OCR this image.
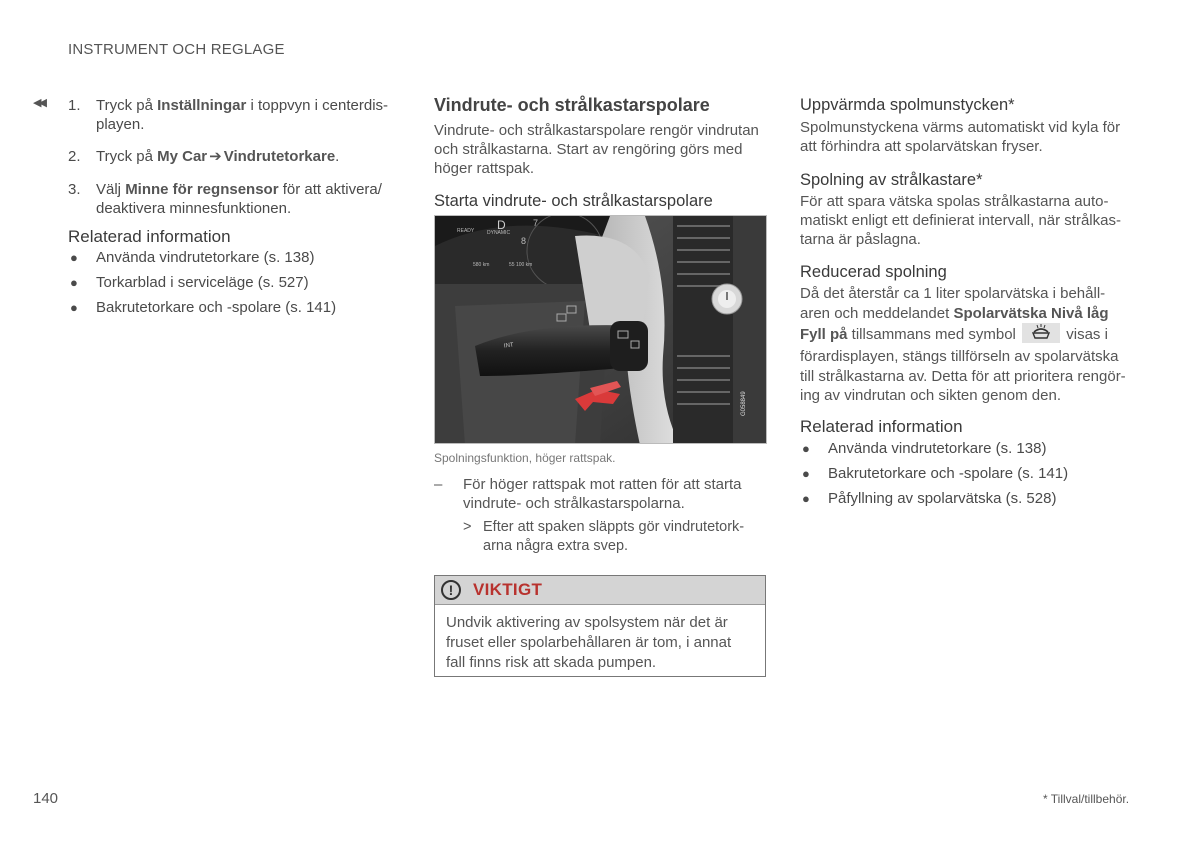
INSTRUMENT OCH REGLAGE
◀◀ 1. Tryck på Inställningar i toppvyn i centerdis-
playen.
2. Tryck på My Car ➔ Vindrutetorkare.
3. Välj Minne för regnsensor för att aktivera/
deaktivera minnesfunktionen.
Relaterad information
● Använda vindrutetorkare (s. 138)
● Torkarblad i serviceläge (s. 527)
● Bakrutetorkare och -spolare (s. 141)
Vindrute- och strålkastarspolare
Vindrute- och strålkastarspolare rengör vindrutan
och strålkastarna. Start av rengöring görs med
höger rattspak.
Starta vindrute- och strålkastarspolare
D	7
READY	DYNAMIC
8
580 km	55 100 km
INT
G058849
Spolningsfunktion, höger rattspak.
–	För höger rattspak mot ratten för att starta
vindrute- och strålkastarspolarna.
> Efter att spaken släppts gör vindrutetork-
arna några extra svep.
!	VIKTIGT
Undvik aktivering av spolsystem när det är
fruset eller spolarbehållaren är tom, i annat
fall finns risk att skada pumpen.
Uppvärmda spolmunstycken*
Spolmunstyckena värms automatiskt vid kyla för
att förhindra att spolarvätskan fryser.
Spolning av strålkastare*
För att spara vätska spolas strålkastarna auto-
matiskt enligt ett definierat intervall, när strålkas-
tarna är påslagna.
Reducerad spolning
Då det återstår ca 1 liter spolarvätska i behåll-
aren och meddelandet Spolarvätska Nivå låg
Fyll på tillsammans med symbol	visas i
förardisplayen, stängs tillförseln av spolarvätska
till strålkastarna av. Detta för att prioritera rengör-
ing av vindrutan och sikten genom den.
Relaterad information
● Använda vindrutetorkare (s. 138)
● Bakrutetorkare och -spolare (s. 141)
● Påfyllning av spolarvätska (s. 528)
140	* Tillval/tillbehör.
